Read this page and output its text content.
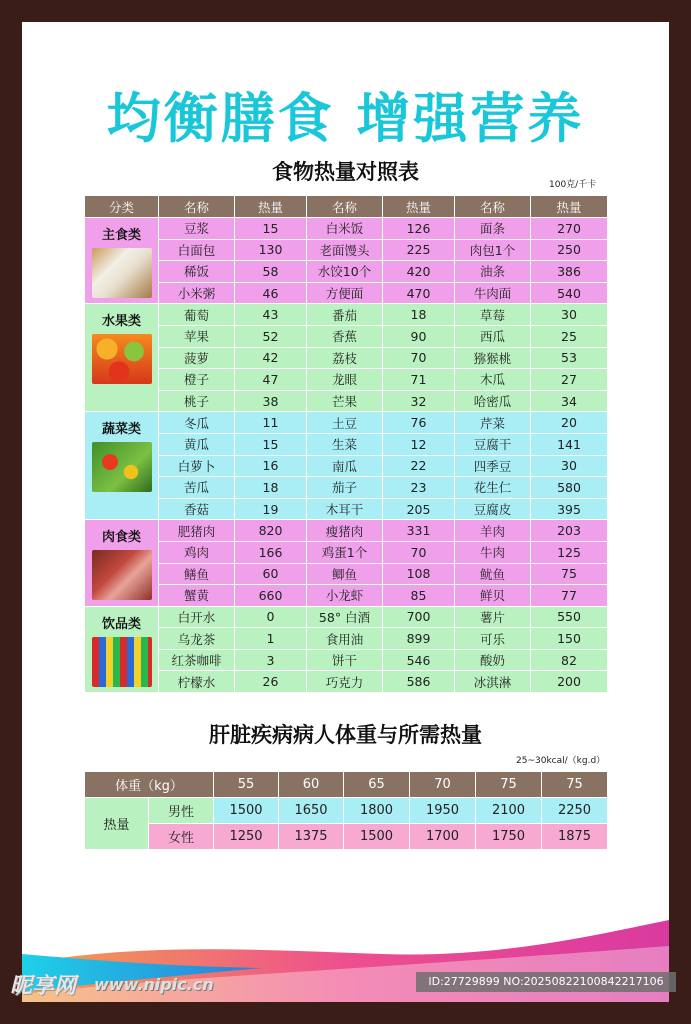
均衡膳食 增强营养
食物热量对照表
100克/千卡
肝脏疾病病人体重与所需热量
25~30kcal/（kg.d）
分类	名称	热量	名称	热量	名称	热量

主食类	豆浆	15	白米饭	126	面条	270
	白面包	130	老面馒头	225	肉包1个	250
	稀饭	58	水饺10个	420	油条	386
	小米粥	46	方便面	470	牛肉面	540

水果类	葡萄	43	番茄	18	草莓	30
	苹果	52	香蕉	90	西瓜	25
	菠萝	42	荔枝	70	猕猴桃	53
	橙子	47	龙眼	71	木瓜	27
	桃子	38	芒果	32	哈密瓜	34

蔬菜类	冬瓜	11	土豆	76	芹菜	20
	黄瓜	15	生菜	12	豆腐干	141
	白萝卜	16	南瓜	22	四季豆	30
	苦瓜	18	茄子	23	花生仁	580
	香菇	19	木耳干	205	豆腐皮	395

肉食类	肥猪肉	820	瘦猪肉	331	羊肉	203
	鸡肉	166	鸡蛋1个	70	牛肉	125
	鳝鱼	60	鲫鱼	108	鱿鱼	75
	蟹黄	660	小龙虾	85	鲜贝	77

饮品类	白开水	0	58° 白酒	700	薯片	550
	乌龙茶	1	食用油	899	可乐	150
	红茶咖啡	3	饼干	546	酸奶	82
	柠檬水	26	巧克力	586	冰淇淋	200
体重（kg）		55	60	65	70	75	75
热量	男性	1500	1650	1800	1950	2100	2250
	女性	1250	1375	1500	1700	1750	1875
昵享网 www.nipic.cn	ID:27729899 NO:20250822100842217106
